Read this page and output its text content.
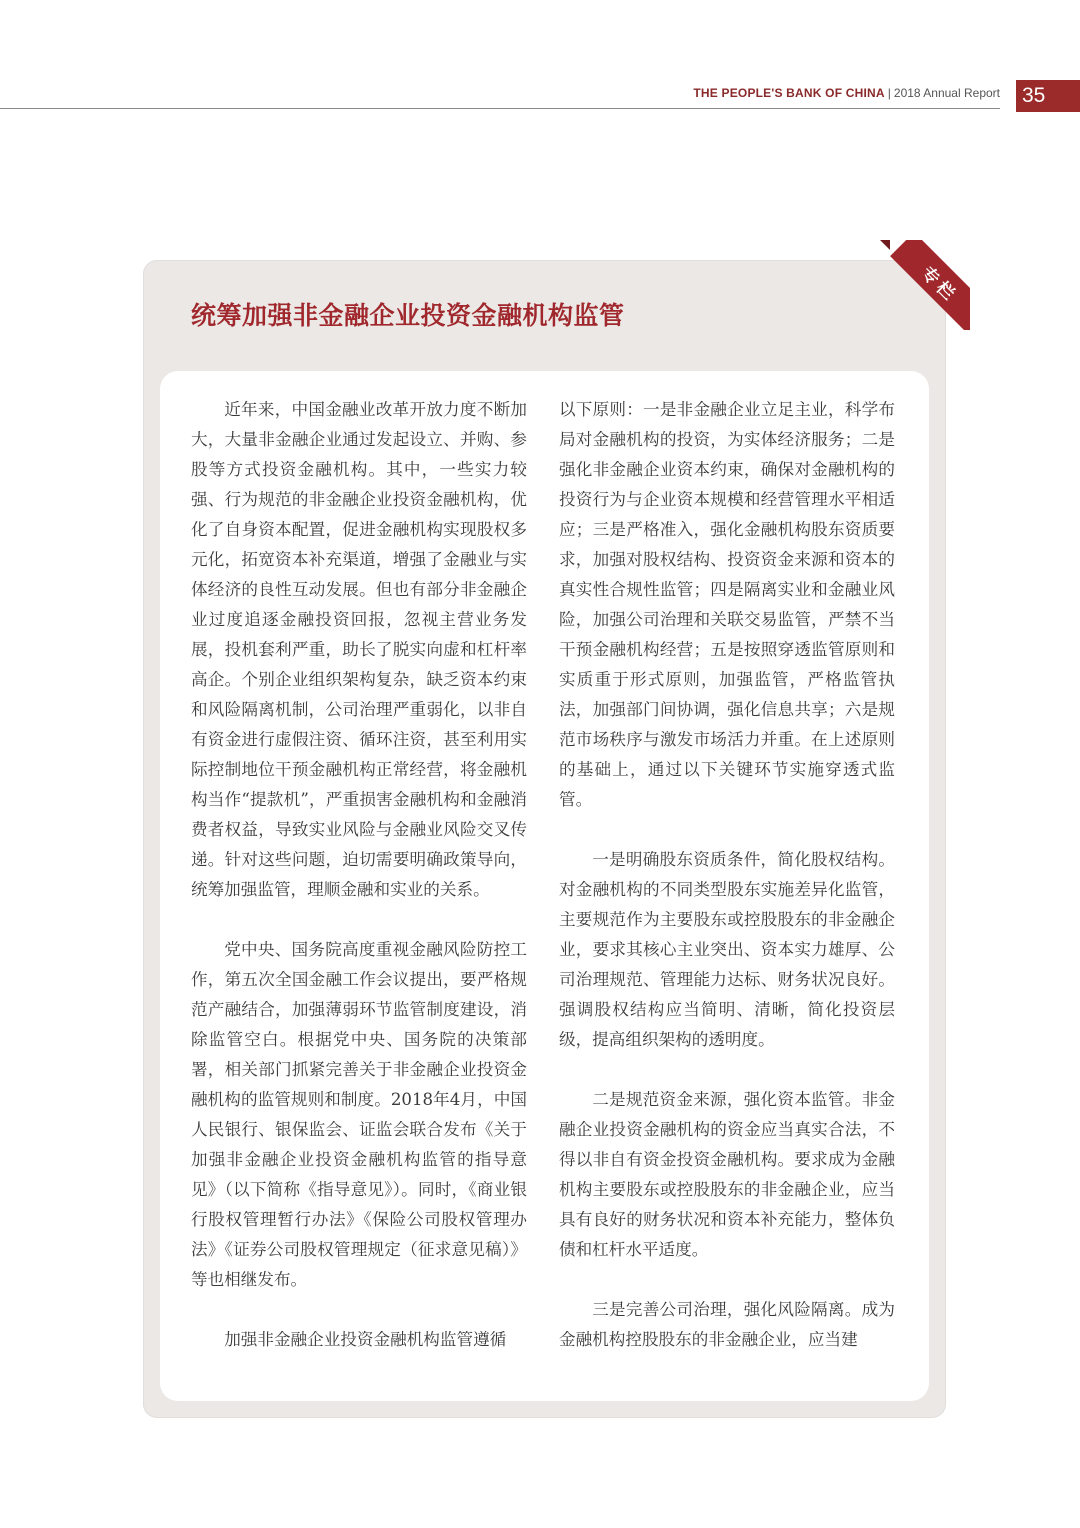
THE PEOPLE'S BANK OF CHINA | 2018 Annual Report 35
统筹加强非金融企业投资金融机构监管
专栏

近年来，中国金融业改革开放力度不断加大，大量非金融企业通过发起设立、并购、参股等方式投资金融机构。其中，一些实力较强、行为规范的非金融企业投资金融机构，优化了自身资本配置，促进金融机构实现股权多元化，拓宽资本补充渠道，增强了金融业与实体经济的良性互动发展。但也有部分非金融企业过度追逐金融投资回报，忽视主营业务发展，投机套利严重，助长了脱实向虚和杠杆率高企。个别企业组织架构复杂，缺乏资本约束和风险隔离机制，公司治理严重弱化，以非自有资金进行虚假注资、循环注资，甚至利用实际控制地位干预金融机构正常经营，将金融机构当作“提款机”，严重损害金融机构和金融消费者权益，导致实业风险与金融业风险交叉传递。针对这些问题，迫切需要明确政策导向，统筹加强监管，理顺金融和实业的关系。

党中央、国务院高度重视金融风险防控工作，第五次全国金融工作会议提出，要严格规范产融结合，加强薄弱环节监管制度建设，消除监管空白。根据党中央、国务院的决策部署，相关部门抓紧完善关于非金融企业投资金融机构的监管规则和制度。2018年4月，中国人民银行、银保监会、证监会联合发布《关于加强非金融企业投资金融机构监管的指导意见》（以下简称《指导意见》）。同时，《商业银行股权管理暂行办法》《保险公司股权管理办法》《证券公司股权管理规定（征求意见稿）》等也相继发布。

加强非金融企业投资金融机构监管遵循

以下原则：一是非金融企业立足主业，科学布局对金融机构的投资，为实体经济服务；二是强化非金融企业资本约束，确保对金融机构的投资行为与企业资本规模和经营管理水平相适应；三是严格准入，强化金融机构股东资质要求，加强对股权结构、投资资金来源和资本的真实性合规性监管；四是隔离实业和金融业风险，加强公司治理和关联交易监管，严禁不当干预金融机构经营；五是按照穿透监管原则和实质重于形式原则，加强监管，严格监管执法，加强部门间协调，强化信息共享；六是规范市场秩序与激发市场活力并重。在上述原则的基础上，通过以下关键环节实施穿透式监管。

一是明确股东资质条件，简化股权结构。对金融机构的不同类型股东实施差异化监管，主要规范作为主要股东或控股股东的非金融企业，要求其核心主业突出、资本实力雄厚、公司治理规范、管理能力达标、财务状况良好。强调股权结构应当简明、清晰，简化投资层级，提高组织架构的透明度。

二是规范资金来源，强化资本监管。非金融企业投资金融机构的资金应当真实合法，不得以非自有资金投资金融机构。要求成为金融机构主要股东或控股股东的非金融企业，应当具有良好的财务状况和资本补充能力，整体负债和杠杆水平适度。

三是完善公司治理，强化风险隔离。成为金融机构控股股东的非金融企业，应当建
